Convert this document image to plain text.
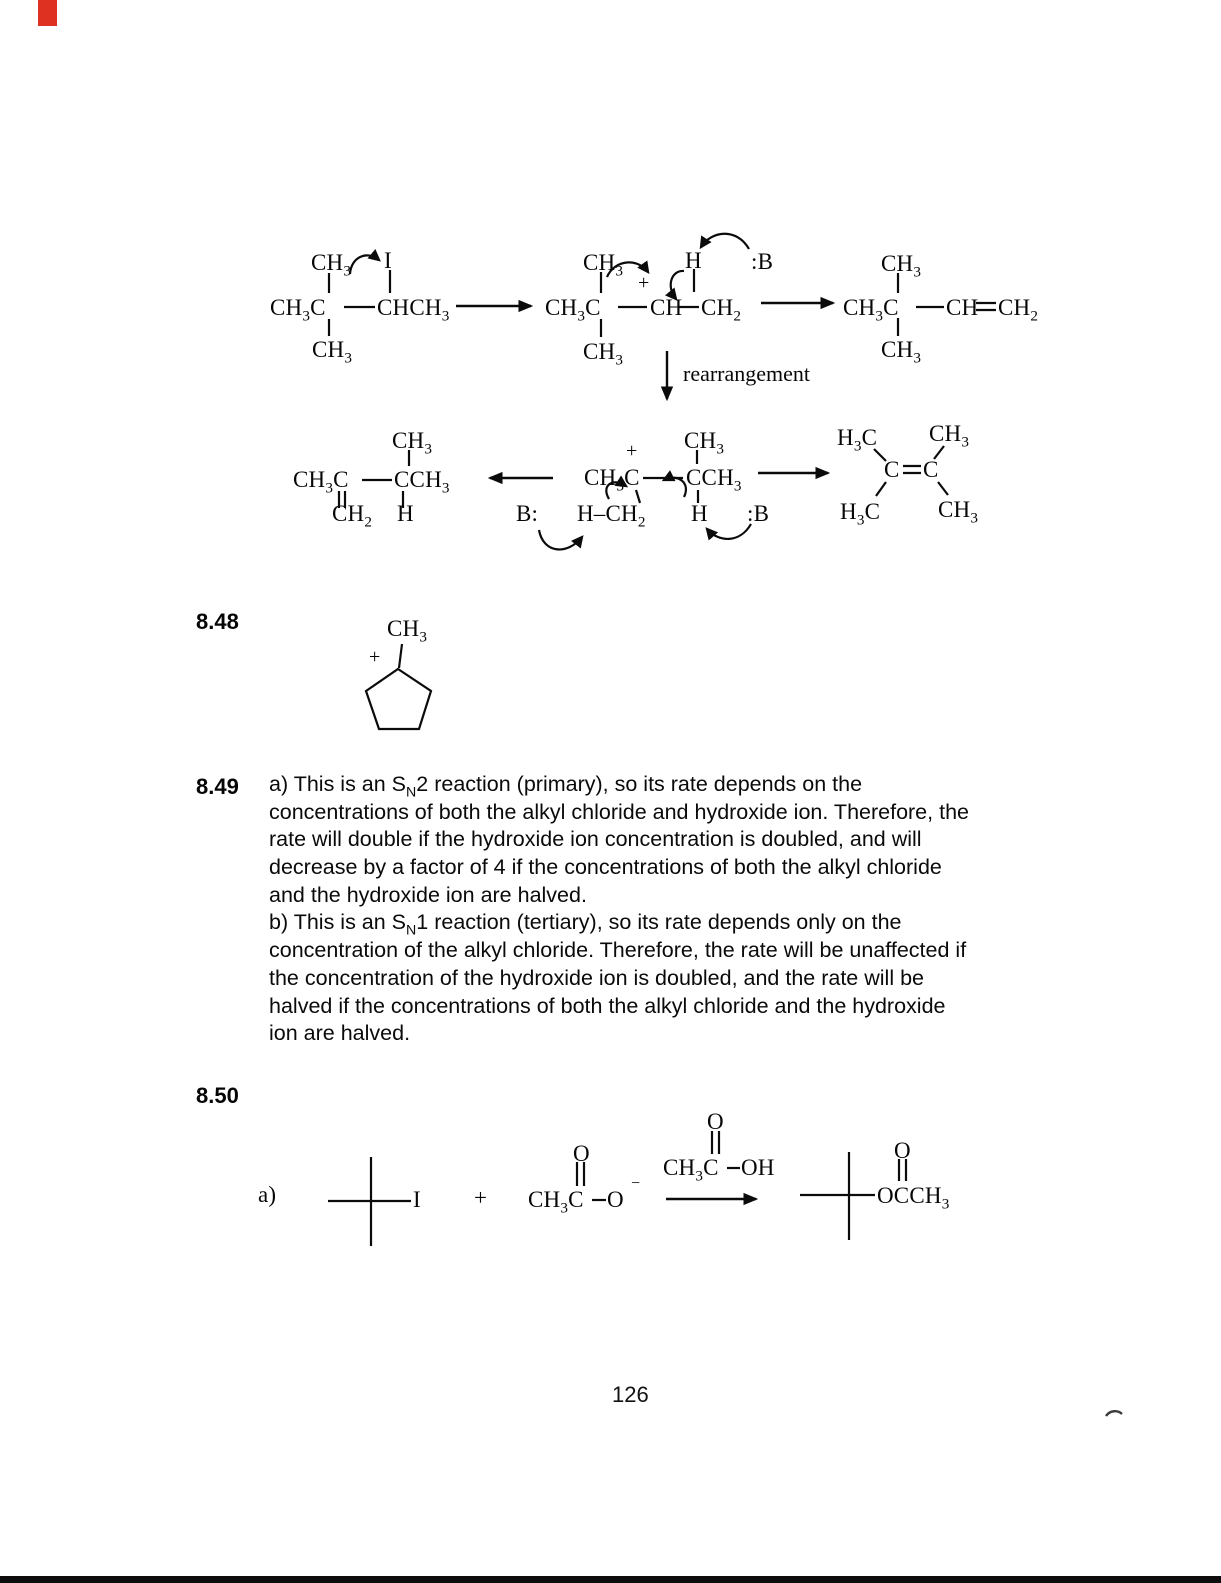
$CH_3$ I
$CH_3C$ $CHCH_3$
$CH_3$
$CH_3$
+
H :B
$CH_3C$ CH $CH_2$
$CH_3$
$CH_3$
$CH_3C$ CH $CH_2$
$CH_3$
rearrangement
$CH_3$
$CH_3C$ $CCH_3$
$CH_2$ H
+ $CH_3$
$CH_3C$ $CCH_3$
$H-CH_2$ H
B:	:B
$H_3C$ $CH_3$
C C
$H_3C$	$CH_3$
8.48	$CH_3$
+
8.49 a) This is an $S_N2$ reaction (primary), so its rate depends on the
concentrations of both the alkyl chloride and hydroxide ion. Therefore, the
rate will double if the hydroxide ion concentration is doubled, and will
decrease by a factor of 4 if the concentrations of both the alkyl chloride
and the hydroxide ion are halved.
b) This is an $S_N1$ reaction (tertiary), so its rate depends only on the
concentration of the alkyl chloride. Therefore, the rate will be unaffected if
the concentration of the hydroxide ion is doubled, and the rate will be
halved if the concentrations of both the alkyl chloride and the hydroxide
ion are halved.
8.50
a)	$I + CH_3C$ O
−
O
$CH_3C$ OH
O
$OCCH_3$
O
126
